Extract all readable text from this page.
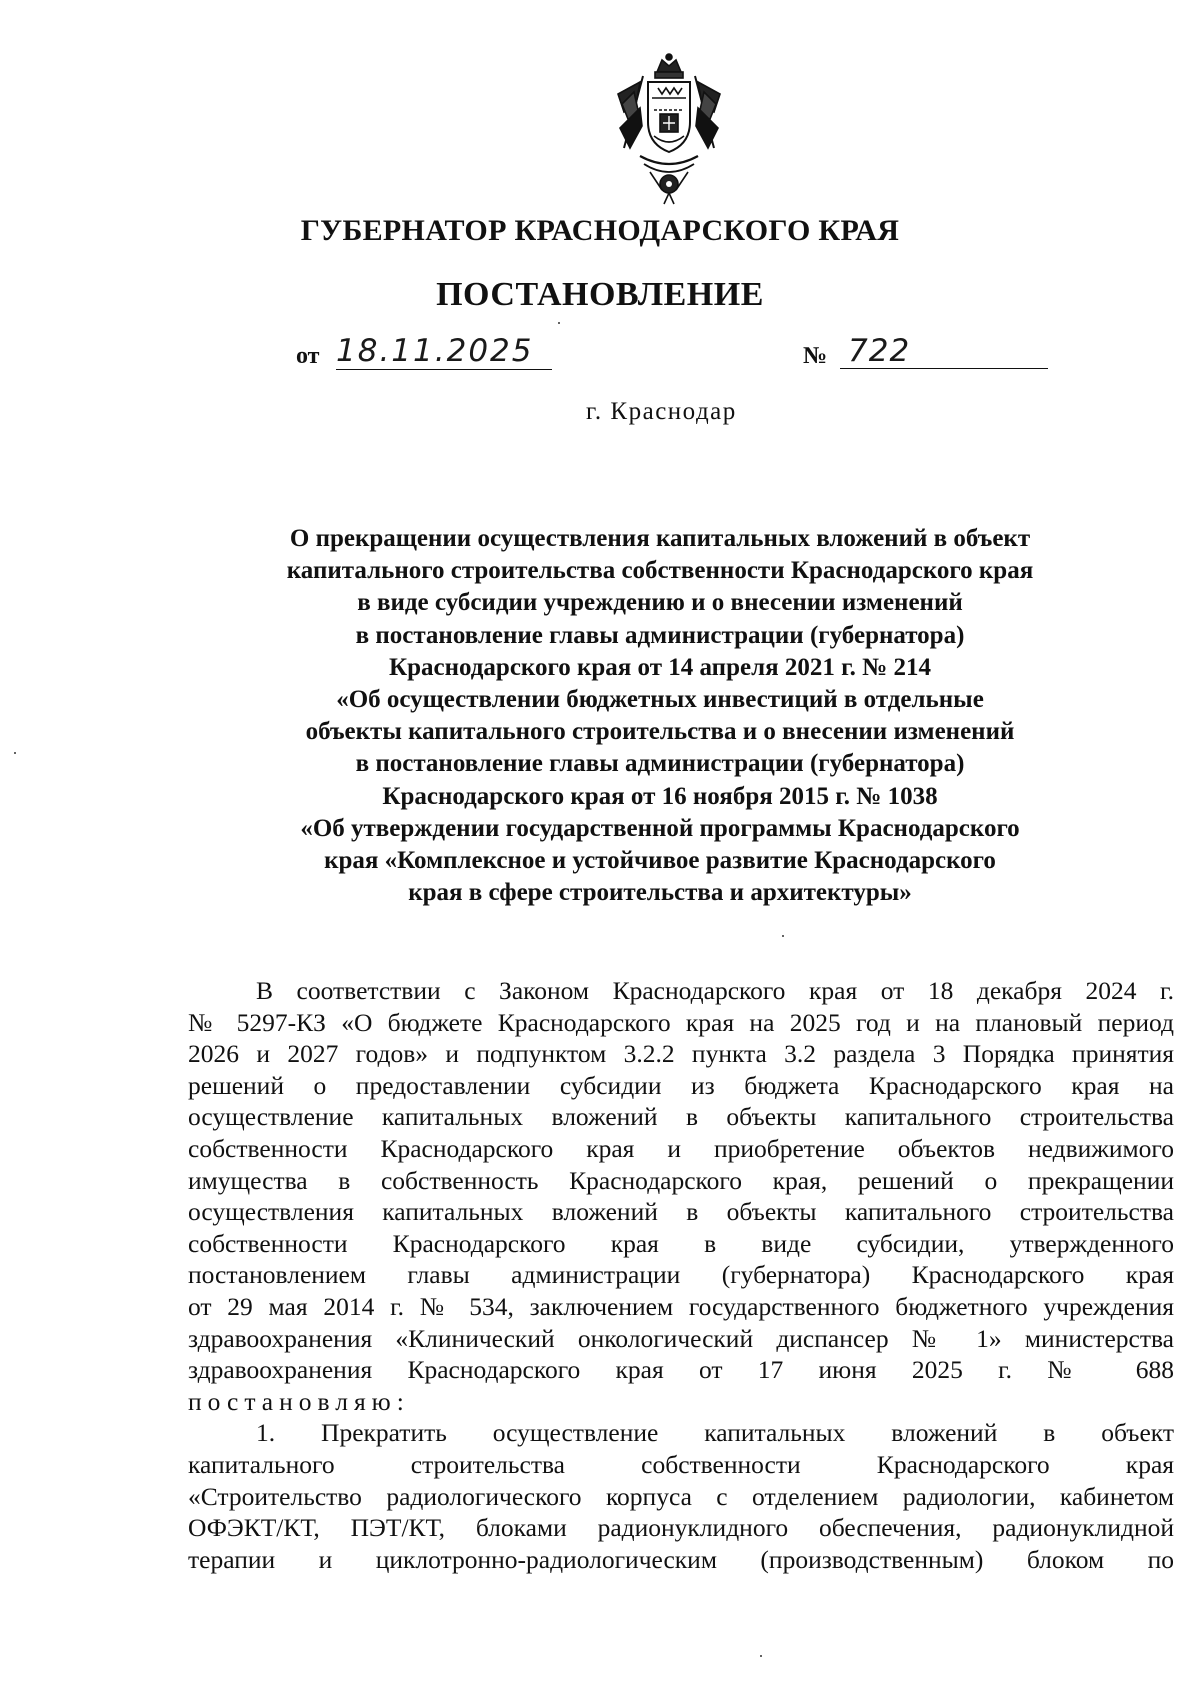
ГУБЕРНАТОР КРАСНОДАРСКОГО КРАЯ
ПОСТАНОВЛЕНИЕ
от 18.11.2025	№ 722
г. Краснодар
О прекращении осуществления капитальных вложений в объект
капитального строительства собственности Краснодарского края
в виде субсидии учреждению и о внесении изменений
в постановление главы администрации (губернатора)
Краснодарского края от 14 апреля 2021 г. № 214
«Об осуществлении бюджетных инвестиций в отдельные
объекты капитального строительства и о внесении изменений
в постановление главы администрации (губернатора)
Краснодарского края от 16 ноября 2015 г. № 1038
«Об утверждении государственной программы Краснодарского
края «Комплексное и устойчивое развитие Краснодарского
края в сфере строительства и архитектуры»
В соответствии с Законом Краснодарского края от 18 декабря 2024 г.
№ 5297-КЗ «О бюджете Краснодарского края на 2025 год и на плановый период
2026 и 2027 годов» и подпунктом 3.2.2 пункта 3.2 раздела 3 Порядка принятия
решений о предоставлении субсидии из бюджета Краснодарского края на
осуществление капитальных вложений в объекты капитального строительства
собственности Краснодарского края и приобретение объектов недвижимого
имущества в собственность Краснодарского края, решений о прекращении
осуществления капитальных вложений в объекты капитального строительства
собственности Краснодарского края в виде субсидии, утвержденного
постановлением главы администрации (губернатора) Краснодарского края
от 29 мая 2014 г. № 534, заключением государственного бюджетного учреждения
здравоохранения «Клинический онкологический диспансер № 1» министерства
здравоохранения Краснодарского края от 17 июня 2025 г. № 688
постановляю:
1. Прекратить осуществление капитальных вложений в объект
капитального строительства собственности Краснодарского края
«Строительство радиологического корпуса с отделением радиологии, кабинетом
ОФЭКТ/КТ, ПЭТ/КТ, блоками радионуклидного обеспечения, радионуклидной
терапии и циклотронно-радиологическим (производственным) блоком по
